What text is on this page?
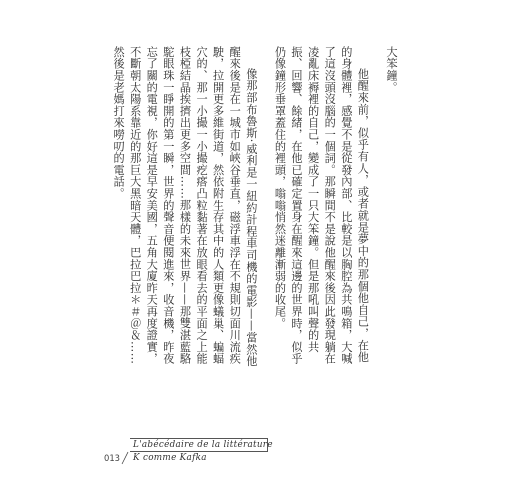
大笨鐘。

他醒來前，似乎有人，或者就是夢中的那個他自己，在他的身體裡，感覺不是從發內部、比較是以胸腔為共鳴箱，大喊了這沒頭沒腦的一個詞。那瞬間不是說他醒來後因此發現躺在凌亂床褥裡的自己，變成了一只大笨鐘。但是那吼叫聲的共振、回響、餘緒，在他已確定置身在醒來這邊的世界時，似乎仍像鐘形垂罩蓋住的裡頭，嗡嗡悄然迷離漸弱的收尾。

像那部布魯斯·威利是一紐約計程車司機的電影——當然他醒來後是在一城市如峽谷垂直，磁浮車浮在不規則切面川流疾駛，拉開更多維街道，然依附生存其中的人類更像蟻巢、蝙蝠穴的、那一小撮一小撮疙瘩凸粒黏著在放眼看去的平面之上能枝椏結晶挨擠出更多空間……那樣的未來世界——那雙湛藍駱駝眼珠一睜開的第一瞬，世界的聲音便閱進來，收音機，昨夜忘了關的電視，你好這是早安美國，五角大廈昨天再度證實，不斷朝太陽系靠近的那巨大黑暗天體，巴拉巴拉＊＃＠＆……然後是老媽打來嘮叨的電話。

L'abécédaire de la littérature
013	K comme Kafka
